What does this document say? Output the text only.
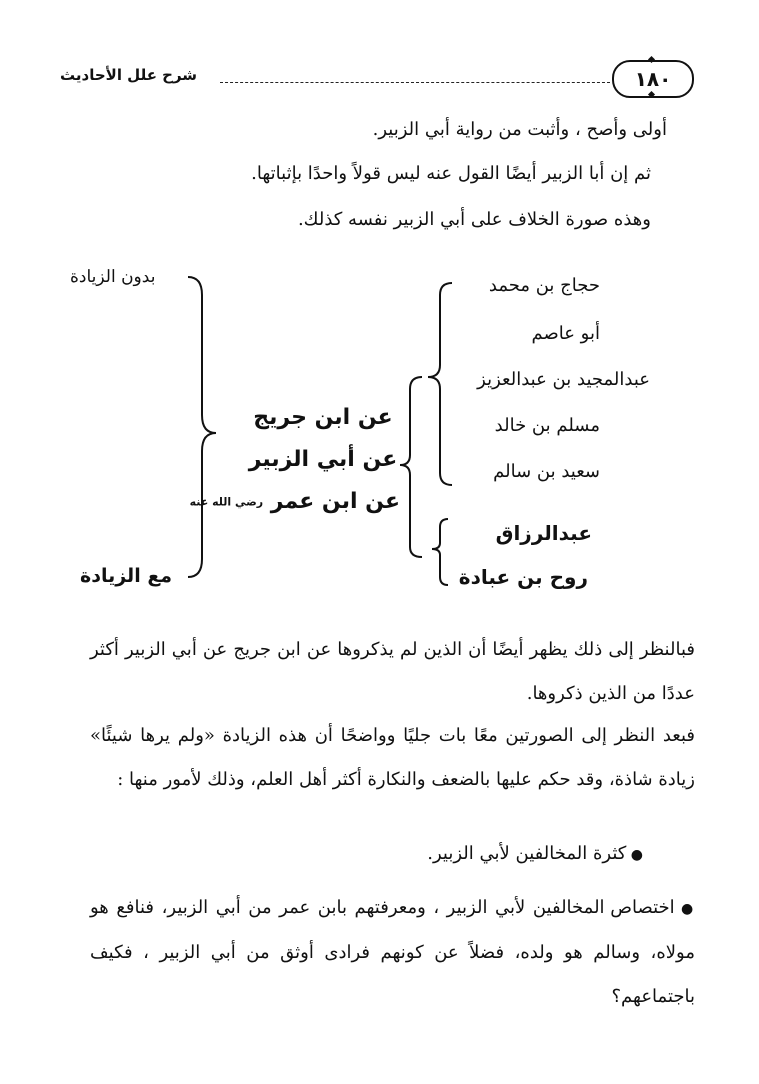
شرح علل الأحاديث	١٨٠
أولى وأصح ، وأثبت من رواية أبي الزبير.
ثم إن أبا الزبير أيضًا القول عنه ليس قولاً واحدًا بإثباتها.
وهذه صورة الخلاف على أبي الزبير نفسه كذلك.
بدون الزيادة
مع الزيادة
عن ابن جريج
عن أبي الزبير
عن ابن عمر رضي الله عنه
حجاج بن محمد
أبو عاصم
عبدالمجيد بن عبدالعزيز
مسلم بن خالد
سعيد بن سالم
عبدالرزاق
روح بن عبادة
فبالنظر إلى ذلك يظهر أيضًا أن الذين لم يذكروها عن ابن جريج عن أبي الزبير أكثر عددًا من الذين ذكروها.
فبعد النظر إلى الصورتين معًا بات جليًا وواضحًا أن هذه الزيادة «ولم يرها شيئًا» زيادة شاذة، وقد حكم عليها بالضعف والنكارة أكثر أهل العلم، وذلك لأمور منها :
● كثرة المخالفين لأبي الزبير.
● اختصاص المخالفين لأبي الزبير ، ومعرفتهم بابن عمر من أبي الزبير، فنافع هو مولاه، وسالم هو ولده، فضلاً عن كونهم فرادى أوثق من أبي الزبير ، فكيف باجتماعهم؟
